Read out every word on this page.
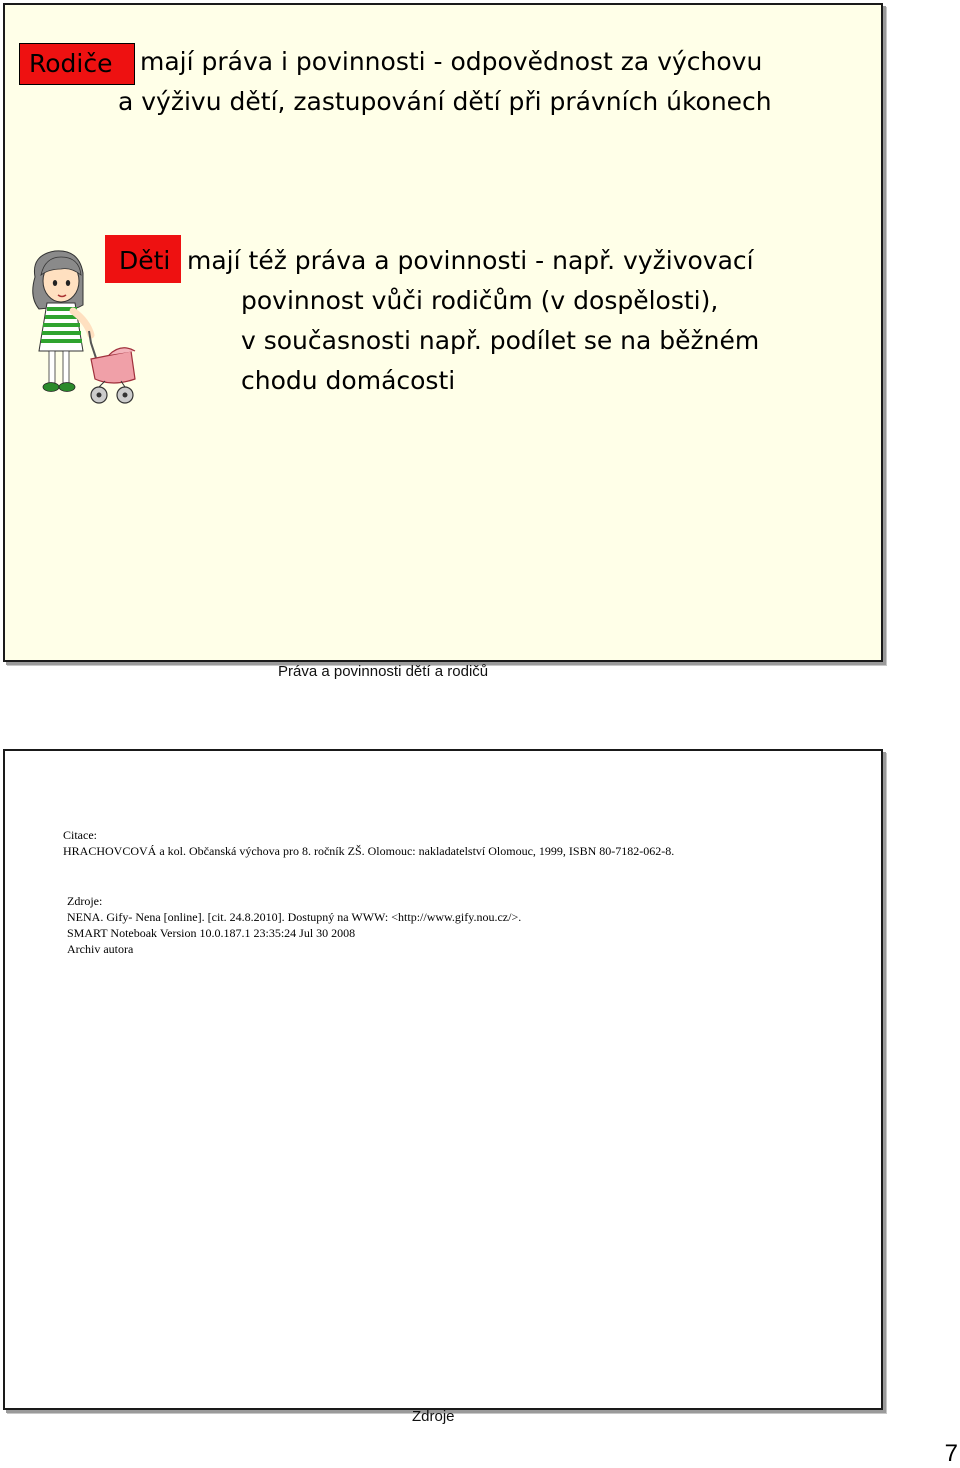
Rodiče	mají práva i povinnosti - odpovědnost za výchovu
a výživu dětí, zastupování dětí při právních úkonech
Děti mají též práva a povinnosti - např. vyživovací
povinnost vůči rodičům (v dospělosti),
v současnosti např. podílet se na běžném
chodu domácosti
Práva a povinnosti dětí a rodičů
Citace:
HRACHOVCOVÁ a kol. Občanská výchova pro 8. ročník ZŠ. Olomouc: nakladatelství Olomouc, 1999, ISBN 80-7182-062-8.
Zdroje:
NENA. Gify- Nena [online]. [cit. 24.8.2010]. Dostupný na WWW: <http://www.gify.nou.cz/>.
SMART Noteboak Version 10.0.187.1 23:35:24 Jul 30 2008
Archiv autora
Zdroje
7
